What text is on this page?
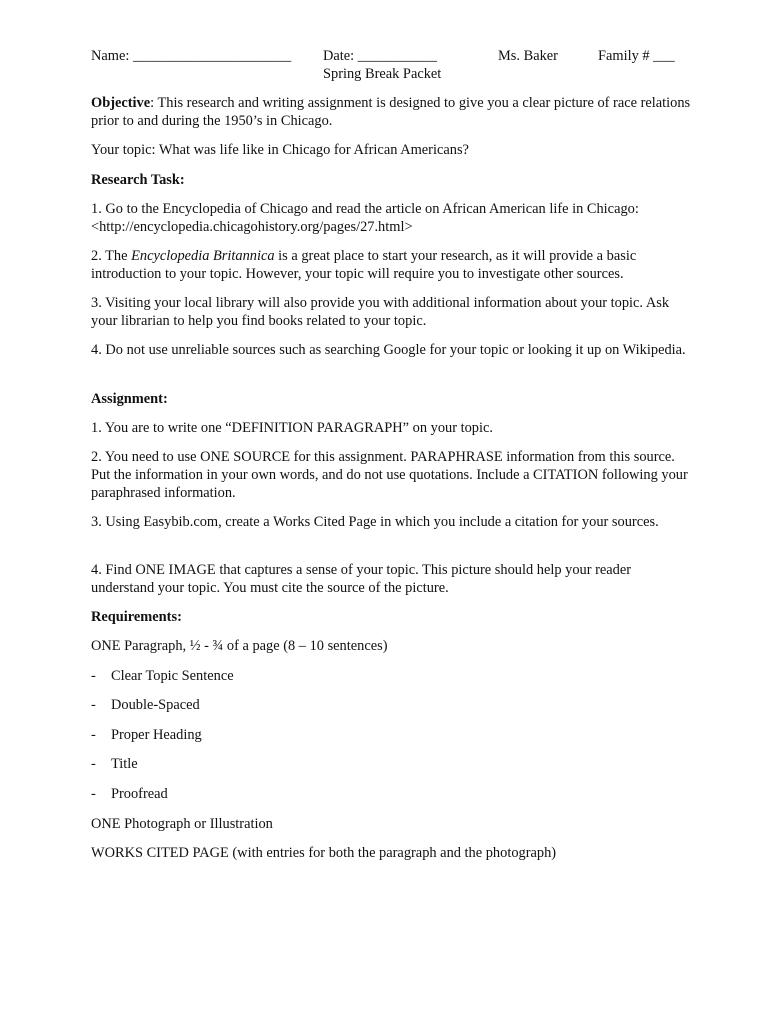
Name: ______________________ Date: ___________	Ms. Baker	Family # ___
Spring Break Packet

Objective: This research and writing assignment is designed to give you a clear picture of race relations prior to and during the 1950’s in Chicago.

Your topic: What was life like in Chicago for African Americans?
Research Task:
1. Go to the Encyclopedia of Chicago and read the article on African American life in Chicago: <http://encyclopedia.chicagohistory.org/pages/27.html>

2. The Encyclopedia Britannica is a great place to start your research, as it will provide a basic introduction to your topic. However, your topic will require you to investigate other sources.

3. Visiting your local library will also provide you with additional information about your topic. Ask your librarian to help you find books related to your topic.
4. Do not use unreliable sources such as searching Google for your topic or looking it up on Wikipedia.
Assignment:
1. You are to write one “DEFINITION PARAGRAPH” on your topic.
2. You need to use ONE SOURCE for this assignment. PARAPHRASE information from this source. Put the information in your own words, and do not use quotations. Include a CITATION following your paraphrased information.
3. Using Easybib.com, create a Works Cited Page in which you include a citation for your sources.
4. Find ONE IMAGE that captures a sense of your topic. This picture should help your reader understand your topic. You must cite the source of the picture.
Requirements:
ONE Paragraph, ½ - ¾ of a page (8 – 10 sentences)
- Clear Topic Sentence
- Double-Spaced
- Proper Heading
- Title
- Proofread
ONE Photograph or Illustration
WORKS CITED PAGE (with entries for both the paragraph and the photograph)
